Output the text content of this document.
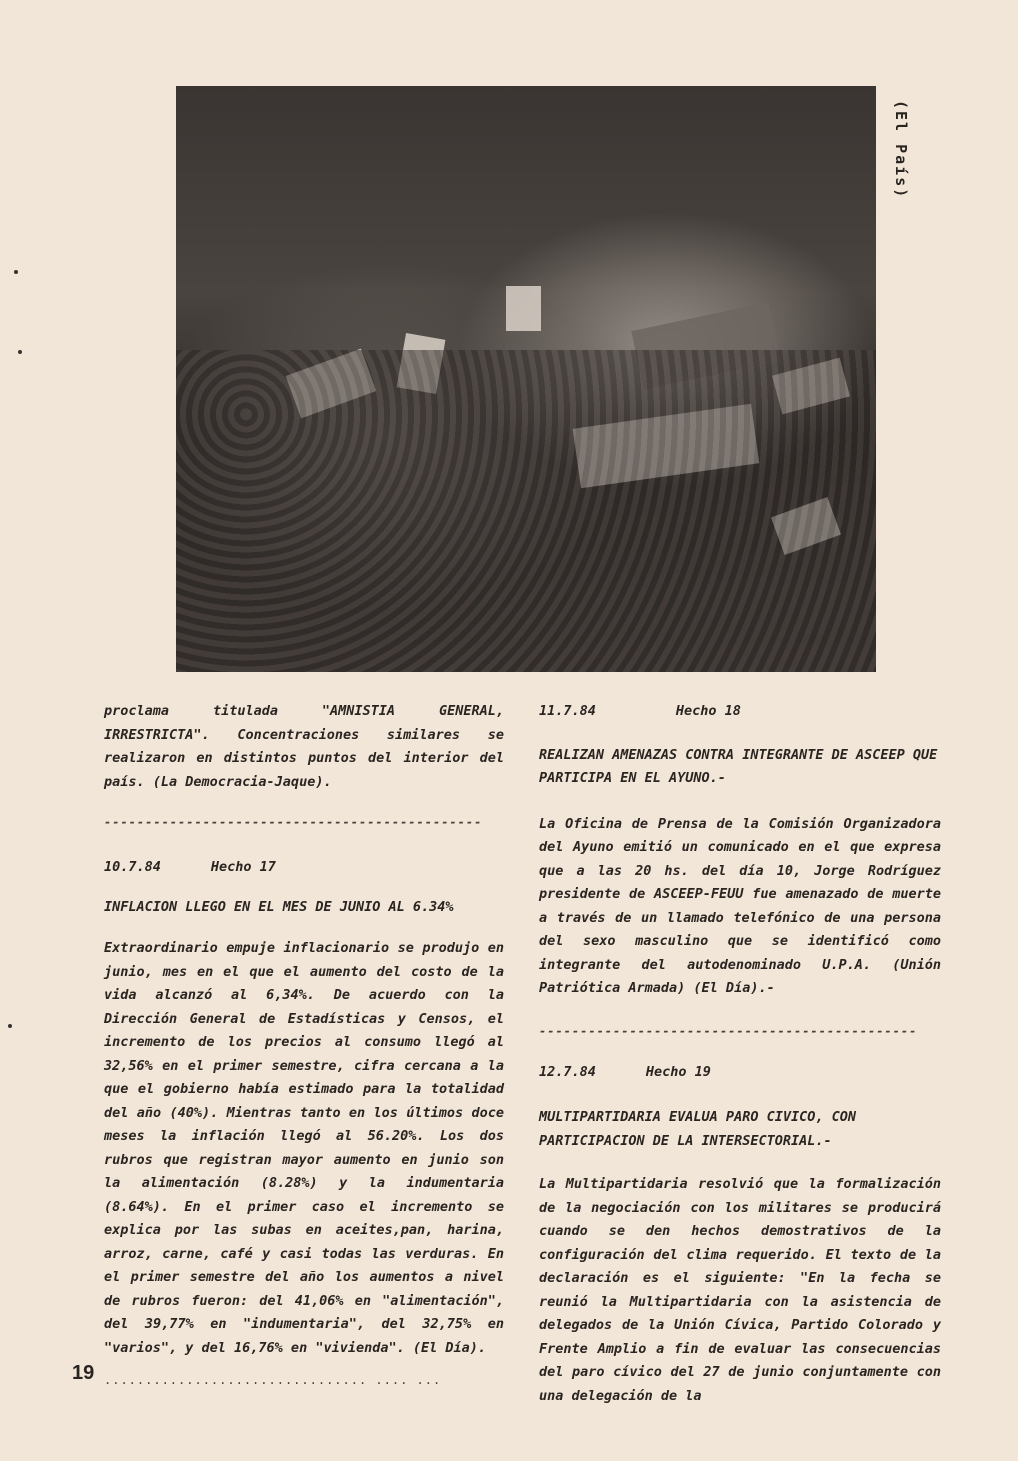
(El País)

proclama titulada "AMNISTIA GENERAL, IRRESTRICTA". Concentraciones similares se realizaron en distintos puntos del interior del país. (La Democracia-Jaque).

----------------------------------------------
10.7.84	Hecho 17
INFLACION LLEGO EN EL MES DE JUNIO AL 6.34%

Extraordinario empuje inflacionario se produjo en junio, mes en el que el aumento del costo de la vida alcanzó al 6,34%. De acuerdo con la Dirección General de Estadísticas y Censos, el incremento de los precios al consumo llegó al 32,56% en el primer semestre, cifra cercana a la que el gobierno había estimado para la totalidad del año (40%). Mientras tanto en los últimos doce meses la inflación llegó al 56.20%. Los dos rubros que registran mayor aumento en junio son la alimentación (8.28%) y la indumentaria (8.64%). En el primer caso el incremento se explica por las subas en aceites,pan, harina, arroz, carne, café y casi todas las verduras. En el primer semestre del año los aumentos a nivel de rubros fueron: del 41,06% en "alimentación", del 39,77% en "indumentaria", del 32,75% en "varios", y del 16,76% en "vivienda". (El Día).

................................ .... ...
19
11.7.84	Hecho 18
REALIZAN AMENAZAS CONTRA INTEGRANTE DE ASCEEP QUE PARTICIPA EN EL AYUNO.-

La Oficina de Prensa de la Comisión Organizadora del Ayuno emitió un comunicado en el que expresa que a las 20 hs. del día 10, Jorge Rodríguez presidente de ASCEEP-FEUU fue amenazado de muerte a través de un llamado telefónico de una persona del sexo masculino que se identificó como integrante del autodenominado U.P.A. (Unión Patriótica Armada) (El Día).-

----------------------------------------------
12.7.84	Hecho 19
MULTIPARTIDARIA EVALUA PARO CIVICO, CON PARTICIPACION DE LA INTERSECTORIAL.-

La Multipartidaria resolvió que la formalización de la negociación con los militares se producirá cuando se den hechos demostrativos de la configuración del clima requerido. El texto de la declaración es el siguiente: "En la fecha se reunió la Multipartidaria con la asistencia de delegados de la Unión Cívica, Partido Colorado y Frente Amplio a fin de evaluar las consecuencias del paro cívico del 27 de junio conjuntamente con una delegación de la
